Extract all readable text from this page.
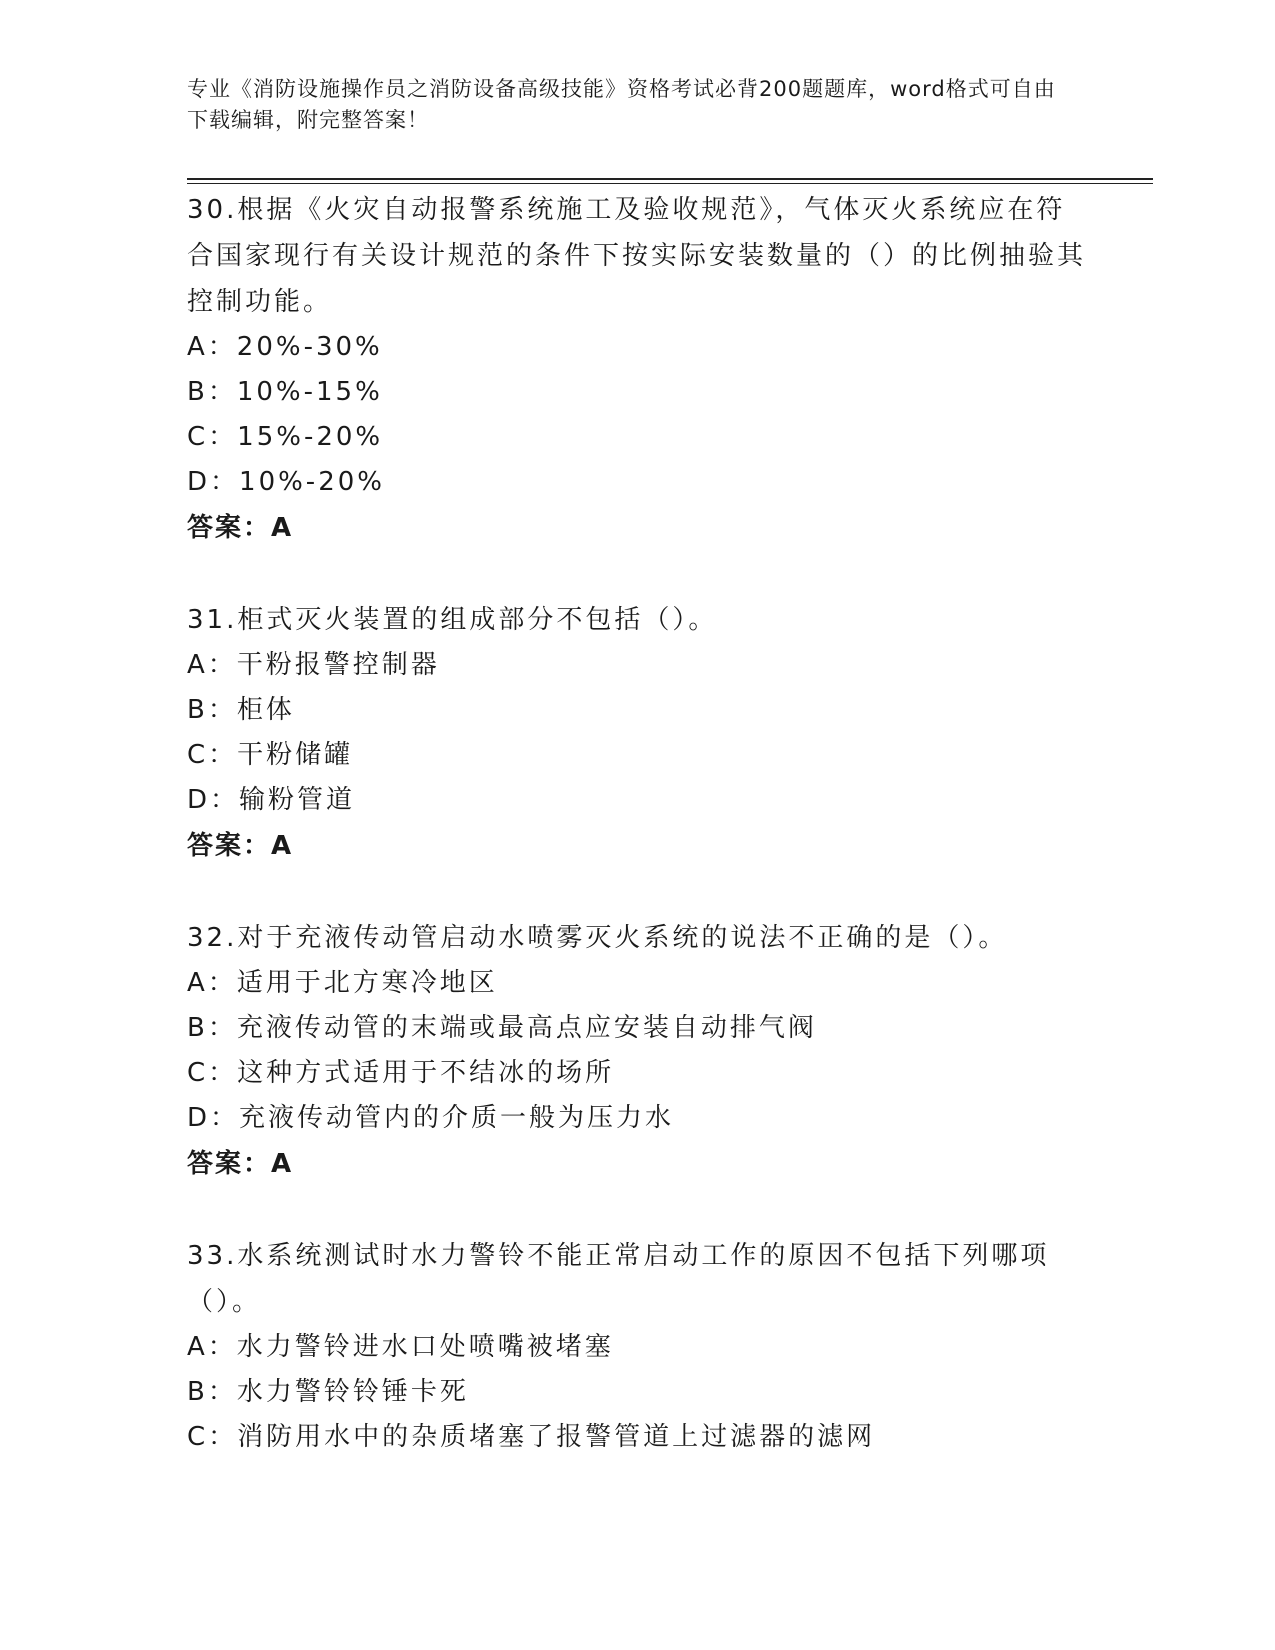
专业《消防设施操作员之消防设备高级技能》资格考试必背200题题库，word格式可自由下载编辑，附完整答案！

30.根据《火灾自动报警系统施工及验收规范》，气体灭火系统应在符合国家现行有关设计规范的条件下按实际安装数量的（）的比例抽验其控制功能。

A：20%-30%

B：10%-15%

C：15%-20%

D：10%-20%

答案：A

31.柜式灭火装置的组成部分不包括（）。

A：干粉报警控制器

B：柜体

C：干粉储罐

D：输粉管道

答案：A

32.对于充液传动管启动水喷雾灭火系统的说法不正确的是（）。

A：适用于北方寒冷地区

B：充液传动管的末端或最高点应安装自动排气阀

C：这种方式适用于不结冰的场所

D：充液传动管内的介质一般为压力水

答案：A

33.水系统测试时水力警铃不能正常启动工作的原因不包括下列哪项（）。

A：水力警铃进水口处喷嘴被堵塞

B：水力警铃铃锤卡死

C：消防用水中的杂质堵塞了报警管道上过滤器的滤网
